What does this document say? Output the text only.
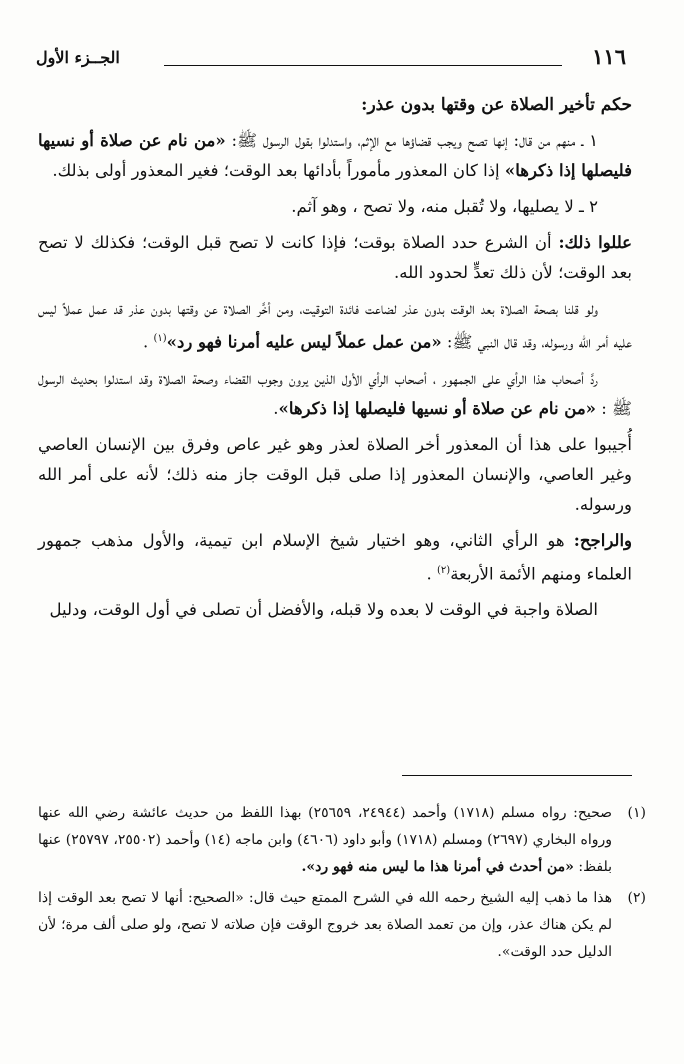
١١٦
الجــزء الأول

حكم تأخير الصلاة عن وقتها بدون عذر:

١ ـ منهم من قال: إنها تصح ويجب قضاؤها مع الإثم، واستدلوا بقول الرسول ﷺ: «من نام عن صلاة أو نسيها فليصلها إذا ذكرها» إذا كان المعذور مأموراً بأدائها بعد الوقت؛ فغير المعذور أولى بذلك.

٢ ـ لا يصليها، ولا تُقبل منه، ولا تصح ، وهو آثم.

عللوا ذلك: أن الشرع حدد الصلاة بوقت؛ فإذا كانت لا تصح قبل الوقت؛ فكذلك لا تصح بعد الوقت؛ لأن ذلك تعدٍّ لحدود الله.

ولو قلنا بصحة الصلاة بعد الوقت بدون عذر لضاعت فائدة التوقيت، ومن أخَّر الصلاة عن وقتها بدون عذر قد عمل عملاً ليس عليه أمر الله ورسوله، وقد قال النبي ﷺ: «من عمل عملاً ليس عليه أمرنا فهو رد»$^{(١)}$ .

ردَّ أصحاب هذا الرأي على الجمهور ، أصحاب الرأي الأول الذين يرون وجوب القضاء وصحة الصلاة وقد استدلوا بحديث الرسول ﷺ : «من نام عن صلاة أو نسيها فليصلها إذا ذكرها».

أُجيبوا على هذا أن المعذور أخر الصلاة لعذر وهو غير عاص وفرق بين الإنسان العاصي وغير العاصي، والإنسان المعذور إذا صلى قبل الوقت جاز منه ذلك؛ لأنه على أمر الله ورسوله.

والراجح: هو الرأي الثاني، وهو اختيار شيخ الإسلام ابن تيمية، والأول مذهب جمهور العلماء ومنهم الأئمة الأربعة$^{(٢)}$ .

الصلاة واجبة في الوقت لا بعده ولا قبله، والأفضل أن تصلى في أول الوقت، ودليل

(١)
صحيح: رواه مسلم (١٧١٨) وأحمد (٢٤٩٤٤، ٢٥٦٥٩) بهذا اللفظ من حديث عائشة رضي الله عنها ورواه البخاري (٢٦٩٧) ومسلم (١٧١٨) وأبو داود (٤٦٠٦) وابن ماجه (١٤) وأحمد (٢٥٥٠٢، ٢٥٧٩٧) عنها بلفظ: «من أحدث في أمرنا هذا ما ليس منه فهو رد».
(٢)
هذا ما ذهب إليه الشيخ رحمه الله في الشرح الممتع حيث قال: «الصحيح: أنها لا تصح بعد الوقت إذا لم يكن هناك عذر، وإن من تعمد الصلاة بعد خروج الوقت فإن صلاته لا تصح، ولو صلى ألف مرة؛ لأن الدليل حدد الوقت».
